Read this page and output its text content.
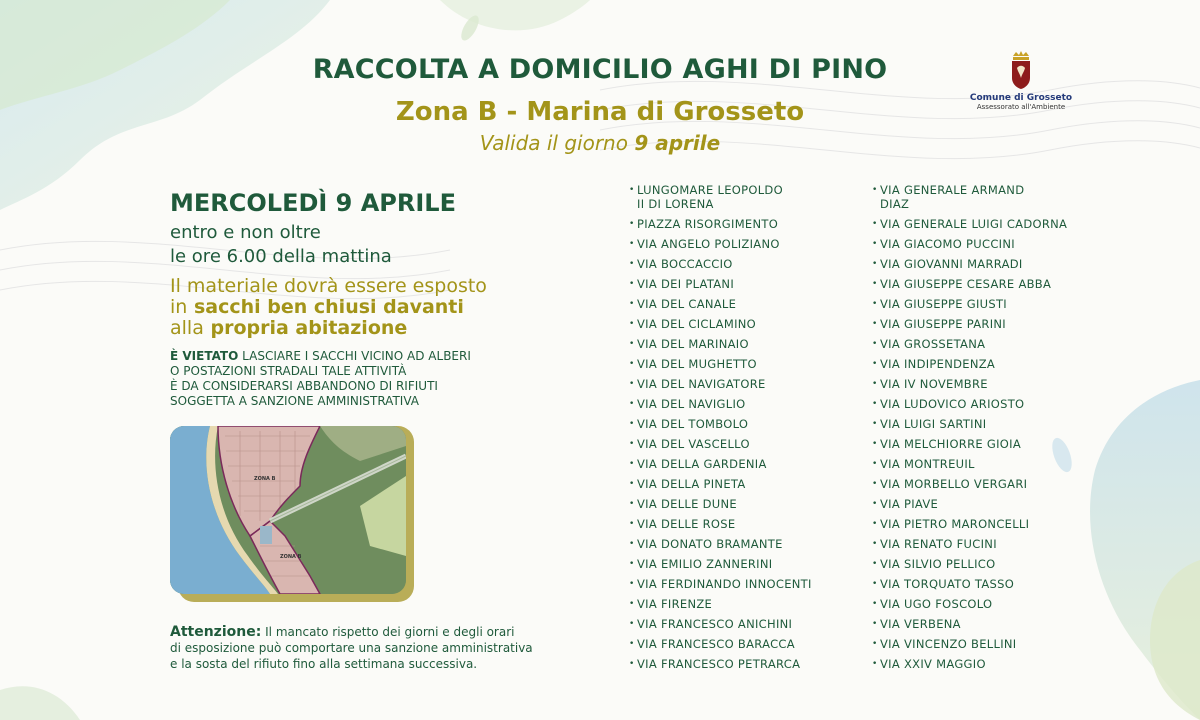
RACCOLTA A DOMICILIO AGHI DI PINO
Zona B - Marina di Grosseto
Valida il giorno 9 aprile
Comune di Grosseto
Assessorato all'Ambiente
MERCOLEDÌ 9 APRILE
entro e non oltre
le ore 6.00 della mattina
Il materiale dovrà essere esposto
in sacchi ben chiusi davanti
alla propria abitazione
È VIETATO LASCIARE I SACCHI VICINO AD ALBERI
O POSTAZIONI STRADALI TALE ATTIVITÀ
È DA CONSIDERARSI ABBANDONO DI RIFIUTI
SOGGETTA A SANZIONE AMMINISTRATIVA
ZONA B
ZONA B
Attenzione: Il mancato rispetto dei giorni e degli orari
di esposizione può comportare una sanzione amministrativa
e la sosta del rifiuto fino alla settimana successiva.
• LUNGOMARE LEOPOLDO
II DI LORENA
• PIAZZA RISORGIMENTO
• VIA ANGELO POLIZIANO
• VIA BOCCACCIO
• VIA DEI PLATANI
• VIA DEL CANALE
• VIA DEL CICLAMINO
• VIA DEL MARINAIO
• VIA DEL MUGHETTO
• VIA DEL NAVIGATORE
• VIA DEL NAVIGLIO
• VIA DEL TOMBOLO
• VIA DEL VASCELLO
• VIA DELLA GARDENIA
• VIA DELLA PINETA
• VIA DELLE DUNE
• VIA DELLE ROSE
• VIA DONATO BRAMANTE
• VIA EMILIO ZANNERINI
• VIA FERDINANDO INNOCENTI
• VIA FIRENZE
• VIA FRANCESCO ANICHINI
• VIA FRANCESCO BARACCA
• VIA FRANCESCO PETRARCA
• VIA GENERALE ARMAND
DIAZ
• VIA GENERALE LUIGI CADORNA
• VIA GIACOMO PUCCINI
• VIA GIOVANNI MARRADI
• VIA GIUSEPPE CESARE ABBA
• VIA GIUSEPPE GIUSTI
• VIA GIUSEPPE PARINI
• VIA GROSSETANA
• VIA INDIPENDENZA
• VIA IV NOVEMBRE
• VIA LUDOVICO ARIOSTO
• VIA LUIGI SARTINI
• VIA MELCHIORRE GIOIA
• VIA MONTREUIL
• VIA MORBELLO VERGARI
• VIA PIAVE
• VIA PIETRO MARONCELLI
• VIA RENATO FUCINI
• VIA SILVIO PELLICO
• VIA TORQUATO TASSO
• VIA UGO FOSCOLO
• VIA VERBENA
• VIA VINCENZO BELLINI
• VIA XXIV MAGGIO
